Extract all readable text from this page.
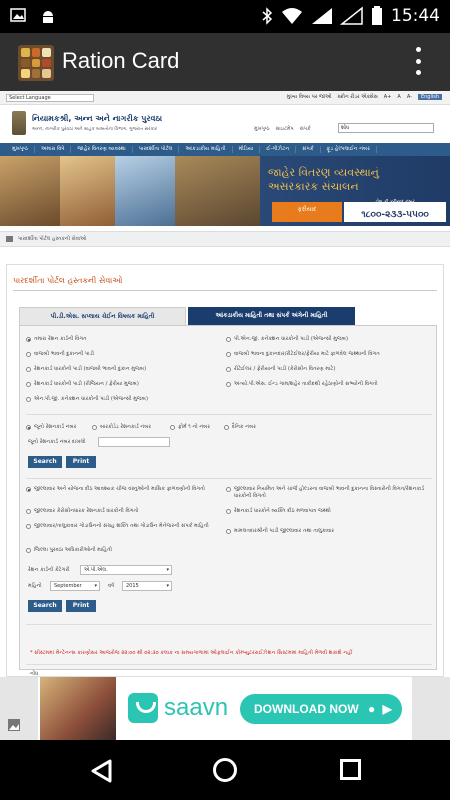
15:44
Ration Card
Select Language	મુખ્ય વિષય પર જાઓ સ્ક્રીન રીડર એક્સેસ A+ A A-	English
નિયામકશ્રી, અન્ન અને નાગરીક પુરવઠા
અન્ન, નાગરીક પુરવઠા અને ગ્રાહક બાબતોના વિભાગ, ગુજરાત સરકાર	મુખપૃષ્ઠ સાઇટમેપ સંપર્ક	શોધ
મુખપૃષ્ઠ	અમારા વિષે	જાહેર વિતરણ વ્યવસ્થા	પારદર્શીતા પોર્ટલ	આંકડાકીય માહિતી	મીડિયા	ઈ-ગીઝેટન	સંપર્ક	ફૂડ હેલ્પલાઈન નંબર
જાહેર વિતરણ વ્યવસ્થાનું
અસરકારક સંચાલન
ફરીયાદ
૧૮૦૦-૨૩૩-૫૫૦૦
ટોલ ફ્રી ફરીયાદ નંબર
પારદર્શીતા પોર્ટલ હસ્તકની સેવાઓ
પારદર્શીતા પોર્ટલ હસ્તકની સેવાઓ
પી.ડી.એસ. સપ્લાય ચેઈન વિષયક માહિતી	આંકડાકીય માહિતી તથા સંપર્ક અંગેની માહિતી
તમારા રેશન કાર્ડની વિગત
વાજબી ભાવની દુકાનની પાડી
રેશનકાર્ડ ધારકોની પાડી (વાજબી ભાવની દુકાન મુજબ)
રેશનકાર્ડ ધારકોની પાડી (રીજિયન / ફેરીયા મુજબ)
એન.પી.જી. કનેક્શન ધારકોની પાડી (એજન્સી મુજબ)
પી.એન.જી. કનેક્શન ધારકોની પાડી (એજન્સી મુજબ)
વાજબી ભાવના દુકાનદાર/રીટેઈલર/ફેરીયા માટે ફાળવેલ જથ્થાની વિગત
રીટેઈલર / ફેરીયાની પાડી (કેરોસીન વિતરણ માટે)
અંત્યો.પી.એસ. ઈન્ડ ગામ/શહેર તાકીદથી રહેઠાણોની સભ્યોની વિગતો
જૂનો રેશનકાર્ડ નંબર	બારકોડેડ રેશનકાર્ડ નંબર	ફોર્મ ૧ નો નંબર	દૈનિક નંબર
જૂનો રેશનકાર્ડ નંબર દાખલો
Search	Print
જીલ્લાવાર અને યોજના દીઠ આવશ્યક ચીજ વસ્તુઓની માસિક ફાળવણીની વિગતો
જીલ્લાવાર કેરોસીનધારક રેશનકાર્ડ ધારકોની વિગતો
જીલ્લાવાર/તાલુકાવાર ગોડાઉનનો સંગ્રહ શક્તિ તથા ગોડાઉન મેનેજરની સંપર્ક માહિતી
જિલ્લા પુરવઠા અધિકારીઓની માહિતી
જીલ્લાવાર નિયમિત અને ચાર્જ હોલ્ડરના વાજબી ભાવની દુકાનના વિસ્તારોની વિગત/રેશનકાર્ડ ધારકોની વિગતો
રેશનકાર્ડ ધારકોને વ્યક્તિ દીઠ મળવાપાત્ર જથ્થો
મામલતદારશ્રીની પાડી જીલ્લાવાર તથા તાલુકાવાર
રેશન કાર્ડની કેટેગરી	એ.પી.એલ. ▾
મહિનો	September ▾	વર્ષ	2015 ▾
Search	Print
* સીસ્ટમમાં મેન્ટેનન્સ કારણોસર આજરોજ ૨૨:૦૦ થી ૦૨:૩૦ કલાક ના સમયગાળામાં ઓફલાઈન કોમ્પ્યુટરરાઈઝેશન સિસ્ટમમાં માહિતી મેળવી શકાશે નહીં
નોંધ
saavn	DOWNLOAD NOW ● ▶
